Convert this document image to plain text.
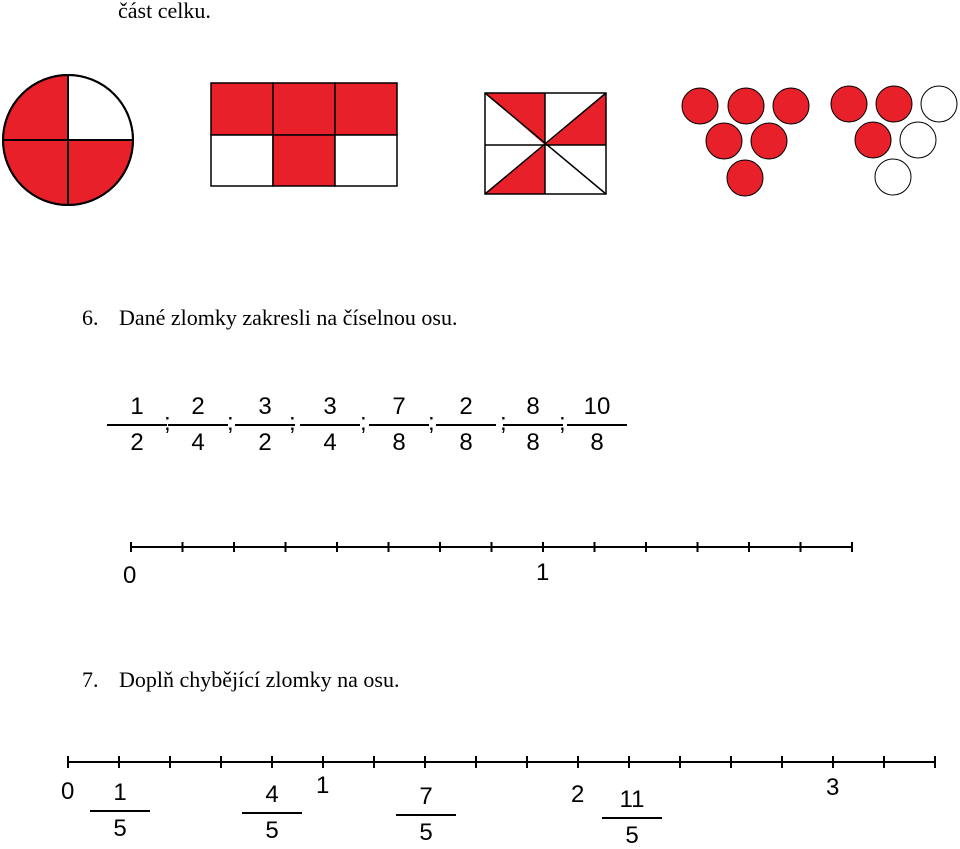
část celku.
6. Dané zlomky zakresli na číselnou osu.
1
2
2
4
3
2
3
4
7
8
2
8
8
8
10
8
; ; ;	;	;	; ;
0	1
7. Doplň chybějící zlomky na osu.
0	1	2	3
1
5
4
5
7
5
11
5
